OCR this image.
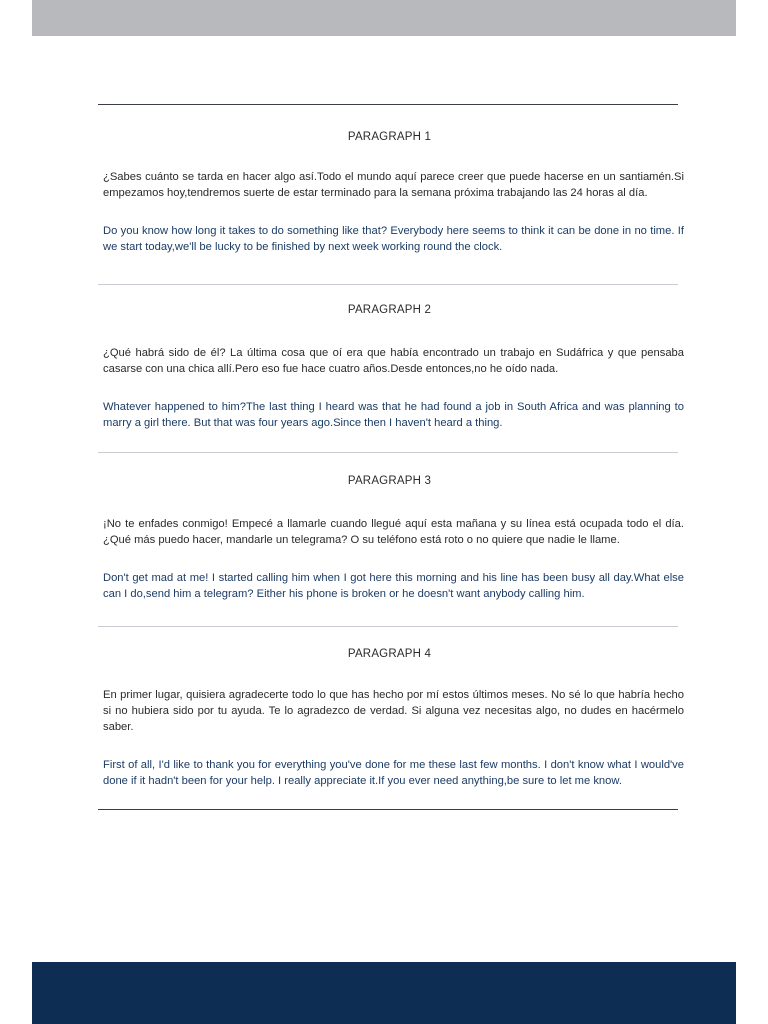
PARAGRAPH 1

¿Sabes cuánto se tarda en hacer algo así.Todo el mundo aquí parece creer que puede hacerse en un santiamén.Si empezamos hoy,tendremos suerte de estar terminado para la semana próxima trabajando las 24 horas al día.

Do you know how long it takes to do something like that? Everybody here seems to think it can be done in no time. If we start today,we'll be lucky to be finished by next week working round the clock.

PARAGRAPH 2

¿Qué habrá sido de él? La última cosa que oí era que había encontrado un trabajo en Sudáfrica y que pensaba casarse con una chica allí.Pero eso fue hace cuatro años.Desde entonces,no he oído nada.

Whatever happened to him?The last thing I heard was that he had found a job in South Africa and was planning to marry a girl there. But that was four years ago.Since then I haven't heard a thing.

PARAGRAPH 3

¡No te enfades conmigo! Empecé a llamarle cuando llegué aquí esta mañana y su línea está ocupada todo el día. ¿Qué más puedo hacer, mandarle un telegrama? O su teléfono está roto o no quiere que nadie le llame.

Don't get mad at me! I started calling him when I got here this morning and his line has been busy all day.What else can I do,send him a telegram? Either his phone is broken or he doesn't want anybody calling him.

PARAGRAPH 4

En primer lugar, quisiera agradecerte todo lo que has hecho por mí estos últimos meses. No sé lo que habría hecho si no hubiera sido por tu ayuda. Te lo agradezco de verdad. Si alguna vez necesitas algo, no dudes en hacérmelo saber.

First of all, I'd like to thank you for everything you've done for me these last few months. I don't know what I would've done if it hadn't been for your help. I really appreciate it.If you ever need anything,be sure to let me know.
